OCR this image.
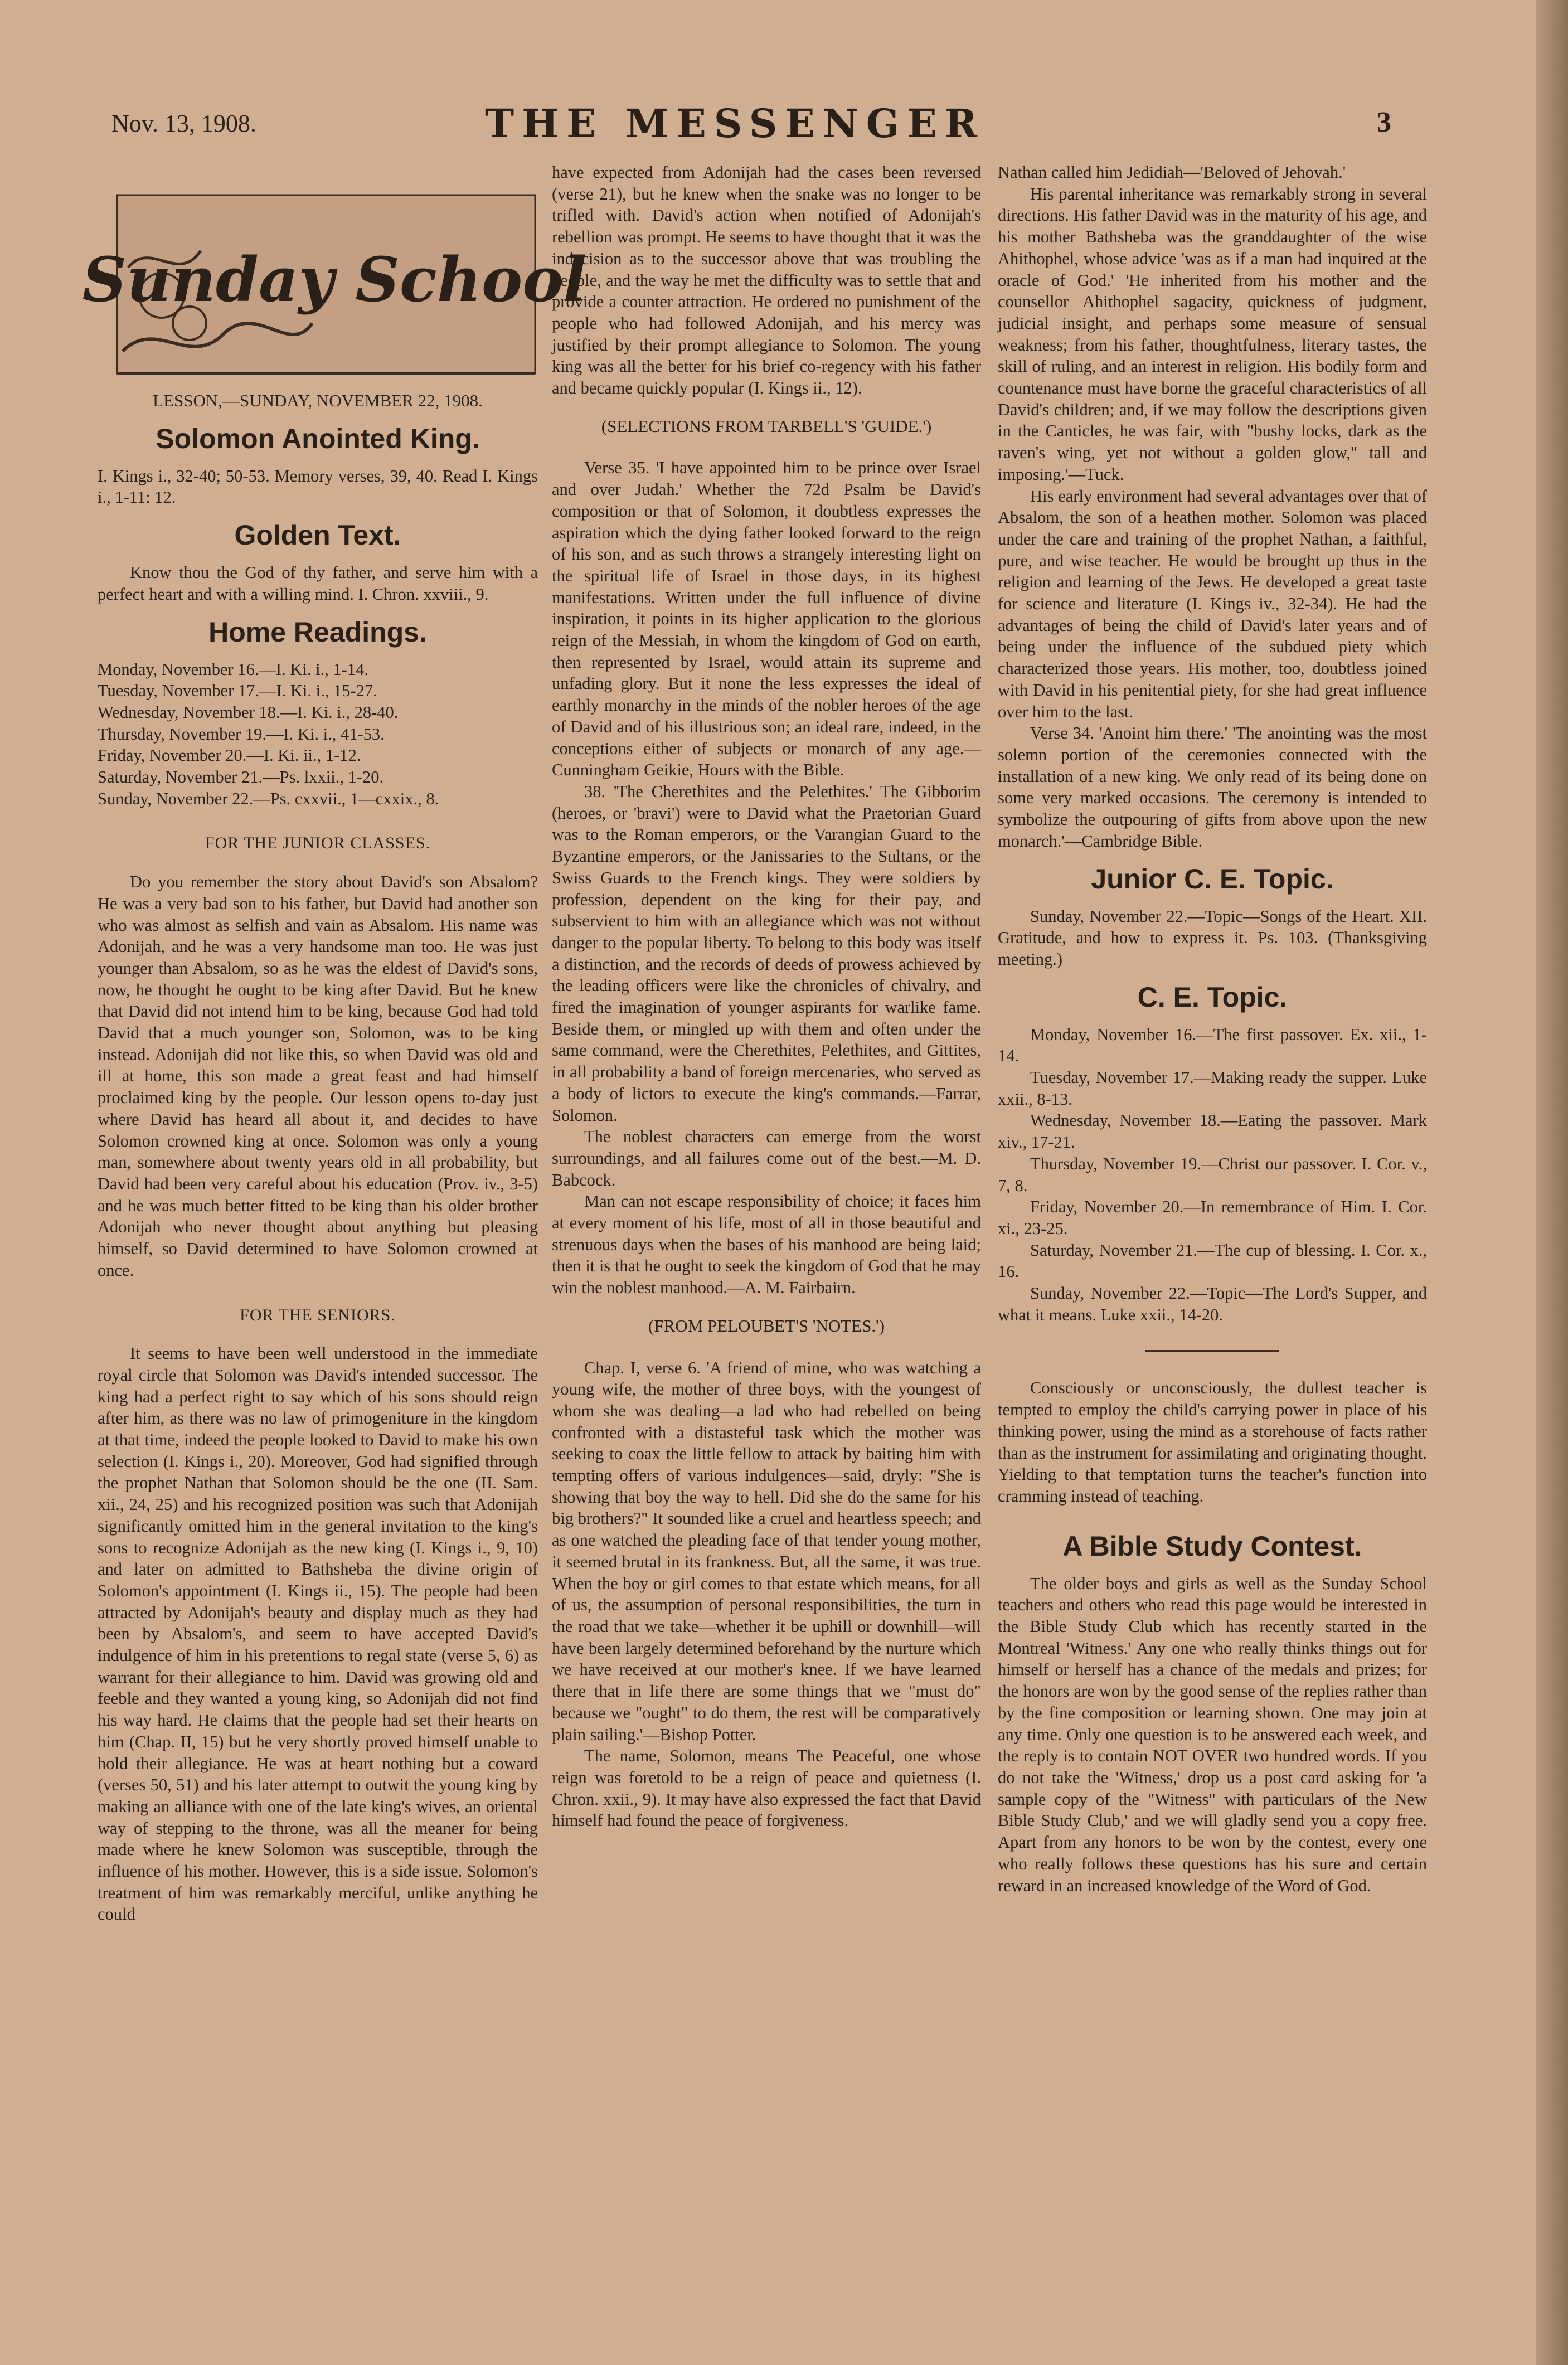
Nov. 13, 1908.	THE MESSENGER	3
Sunday School

LESSON,—SUNDAY, NOVEMBER 22, 1908.

Solomon Anointed King.

I. Kings i., 32-40; 50-53. Memory verses, 39, 40. Read I. Kings i., 1-11: 12.

Golden Text.

Know thou the God of thy father, and serve him with a perfect heart and with a willing mind. I. Chron. xxviii., 9.

Home Readings.

Monday, November 16.—I. Ki. i., 1-14.

Tuesday, November 17.—I. Ki. i., 15-27.

Wednesday, November 18.—I. Ki. i., 28-40.

Thursday, November 19.—I. Ki. i., 41-53.

Friday, November 20.—I. Ki. ii., 1-12.

Saturday, November 21.—Ps. lxxii., 1-20.

Sunday, November 22.—Ps. cxxvii., 1—cxxix., 8.

FOR THE JUNIOR CLASSES.

Do you remember the story about David's son Absalom? He was a very bad son to his father, but David had another son who was almost as selfish and vain as Absalom. His name was Adonijah, and he was a very handsome man too. He was just younger than Absalom, so as he was the eldest of David's sons, now, he thought he ought to be king after David. But he knew that David did not intend him to be king, because God had told David that a much younger son, Solomon, was to be king instead. Adonijah did not like this, so when David was old and ill at home, this son made a great feast and had himself proclaimed king by the people. Our lesson opens to-day just where David has heard all about it, and decides to have Solomon crowned king at once. Solomon was only a young man, somewhere about twenty years old in all probability, but David had been very careful about his education (Prov. iv., 3-5) and he was much better fitted to be king than his older brother Adonijah who never thought about anything but pleasing himself, so David determined to have Solomon crowned at once.

FOR THE SENIORS.

It seems to have been well understood in the immediate royal circle that Solomon was David's intended successor. The king had a perfect right to say which of his sons should reign after him, as there was no law of primogeniture in the kingdom at that time, indeed the people looked to David to make his own selection (I. Kings i., 20). Moreover, God had signified through the prophet Nathan that Solomon should be the one (II. Sam. xii., 24, 25) and his recognized position was such that Adonijah significantly omitted him in the general invitation to the king's sons to recognize Adonijah as the new king (I. Kings i., 9, 10) and later on admitted to Bathsheba the divine origin of Solomon's appointment (I. Kings ii., 15). The people had been attracted by Adonijah's beauty and display much as they had been by Absalom's, and seem to have accepted David's indulgence of him in his pretentions to regal state (verse 5, 6) as warrant for their allegiance to him. David was growing old and feeble and they wanted a young king, so Adonijah did not find his way hard. He claims that the people had set their hearts on him (Chap. II, 15) but he very shortly proved himself unable to hold their allegiance. He was at heart nothing but a coward (verses 50, 51) and his later attempt to outwit the young king by making an alliance with one of the late king's wives, an oriental way of stepping to the throne, was all the meaner for being made where he knew Solomon was susceptible, through the influence of his mother. However, this is a side issue. Solomon's treatment of him was remarkably merciful, unlike anything he could

have expected from Adonijah had the cases been reversed (verse 21), but he knew when the snake was no longer to be trifled with. David's action when notified of Adonijah's rebellion was prompt. He seems to have thought that it was the indecision as to the successor above that was troubling the people, and the way he met the difficulty was to settle that and provide a counter attraction. He ordered no punishment of the people who had followed Adonijah, and his mercy was justified by their prompt allegiance to Solomon. The young king was all the better for his brief co-regency with his father and became quickly popular (I. Kings ii., 12).

(SELECTIONS FROM TARBELL'S 'GUIDE.')

Verse 35. 'I have appointed him to be prince over Israel and over Judah.' Whether the 72d Psalm be David's composition or that of Solomon, it doubtless expresses the aspiration which the dying father looked forward to the reign of his son, and as such throws a strangely interesting light on the spiritual life of Israel in those days, in its highest manifestations. Written under the full influence of divine inspiration, it points in its higher application to the glorious reign of the Messiah, in whom the kingdom of God on earth, then represented by Israel, would attain its supreme and unfading glory. But it none the less expresses the ideal of earthly monarchy in the minds of the nobler heroes of the age of David and of his illustrious son; an ideal rare, indeed, in the conceptions either of subjects or monarch of any age.—Cunningham Geikie, Hours with the Bible.

38. 'The Cherethites and the Pelethites.' The Gibborim (heroes, or 'bravi') were to David what the Praetorian Guard was to the Roman emperors, or the Varangian Guard to the Byzantine emperors, or the Janissaries to the Sultans, or the Swiss Guards to the French kings. They were soldiers by profession, dependent on the king for their pay, and subservient to him with an allegiance which was not without danger to the popular liberty. To belong to this body was itself a distinction, and the records of deeds of prowess achieved by the leading officers were like the chronicles of chivalry, and fired the imagination of younger aspirants for warlike fame. Beside them, or mingled up with them and often under the same command, were the Cherethites, Pelethites, and Gittites, in all probability a band of foreign mercenaries, who served as a body of lictors to execute the king's commands.—Farrar, Solomon.

The noblest characters can emerge from the worst surroundings, and all failures come out of the best.—M. D. Babcock.

Man can not escape responsibility of choice; it faces him at every moment of his life, most of all in those beautiful and strenuous days when the bases of his manhood are being laid; then it is that he ought to seek the kingdom of God that he may win the noblest manhood.—A. M. Fairbairn.

(FROM PELOUBET'S 'NOTES.')

Chap. I, verse 6. 'A friend of mine, who was watching a young wife, the mother of three boys, with the youngest of whom she was dealing—a lad who had rebelled on being confronted with a distasteful task which the mother was seeking to coax the little fellow to attack by baiting him with tempting offers of various indulgences—said, dryly: "She is showing that boy the way to hell. Did she do the same for his big brothers?" It sounded like a cruel and heartless speech; and as one watched the pleading face of that tender young mother, it seemed brutal in its frankness. But, all the same, it was true. When the boy or girl comes to that estate which means, for all of us, the assumption of personal responsibilities, the turn in the road that we take—whether it be uphill or downhill—will have been largely determined beforehand by the nurture which we have received at our mother's knee. If we have learned there that in life there are some things that we "must do" because we "ought" to do them, the rest will be comparatively plain sailing.'—Bishop Potter.

The name, Solomon, means The Peaceful, one whose reign was foretold to be a reign of peace and quietness (I. Chron. xxii., 9). It may have also expressed the fact that David himself had found the peace of forgiveness.

Nathan called him Jedidiah—'Beloved of Jehovah.'

His parental inheritance was remarkably strong in several directions. His father David was in the maturity of his age, and his mother Bathsheba was the granddaughter of the wise Ahithophel, whose advice 'was as if a man had inquired at the oracle of God.' 'He inherited from his mother and the counsellor Ahithophel sagacity, quickness of judgment, judicial insight, and perhaps some measure of sensual weakness; from his father, thoughtfulness, literary tastes, the skill of ruling, and an interest in religion. His bodily form and countenance must have borne the graceful characteristics of all David's children; and, if we may follow the descriptions given in the Canticles, he was fair, with "bushy locks, dark as the raven's wing, yet not without a golden glow," tall and imposing.'—Tuck.

His early environment had several advantages over that of Absalom, the son of a heathen mother. Solomon was placed under the care and training of the prophet Nathan, a faithful, pure, and wise teacher. He would be brought up thus in the religion and learning of the Jews. He developed a great taste for science and literature (I. Kings iv., 32-34). He had the advantages of being the child of David's later years and of being under the influence of the subdued piety which characterized those years. His mother, too, doubtless joined with David in his penitential piety, for she had great influence over him to the last.

Verse 34. 'Anoint him there.' 'The anointing was the most solemn portion of the ceremonies connected with the installation of a new king. We only read of its being done on some very marked occasions. The ceremony is intended to symbolize the outpouring of gifts from above upon the new monarch.'—Cambridge Bible.

Junior C. E. Topic.

Sunday, November 22.—Topic—Songs of the Heart. XII. Gratitude, and how to express it. Ps. 103. (Thanksgiving meeting.)

C. E. Topic.

Monday, November 16.—The first passover. Ex. xii., 1-14.

Tuesday, November 17.—Making ready the supper. Luke xxii., 8-13.

Wednesday, November 18.—Eating the passover. Mark xiv., 17-21.

Thursday, November 19.—Christ our passover. I. Cor. v., 7, 8.

Friday, November 20.—In remembrance of Him. I. Cor. xi., 23-25.

Saturday, November 21.—The cup of blessing. I. Cor. x., 16.

Sunday, November 22.—Topic—The Lord's Supper, and what it means. Luke xxii., 14-20.

Consciously or unconsciously, the dullest teacher is tempted to employ the child's carrying power in place of his thinking power, using the mind as a storehouse of facts rather than as the instrument for assimilating and originating thought. Yielding to that temptation turns the teacher's function into cramming instead of teaching.

A Bible Study Contest.

The older boys and girls as well as the Sunday School teachers and others who read this page would be interested in the Bible Study Club which has recently started in the Montreal 'Witness.' Any one who really thinks things out for himself or herself has a chance of the medals and prizes; for the honors are won by the good sense of the replies rather than by the fine composition or learning shown. One may join at any time. Only one question is to be answered each week, and the reply is to contain NOT OVER two hundred words. If you do not take the 'Witness,' drop us a post card asking for 'a sample copy of the "Witness" with particulars of the New Bible Study Club,' and we will gladly send you a copy free. Apart from any honors to be won by the contest, every one who really follows these questions has his sure and certain reward in an increased knowledge of the Word of God.
